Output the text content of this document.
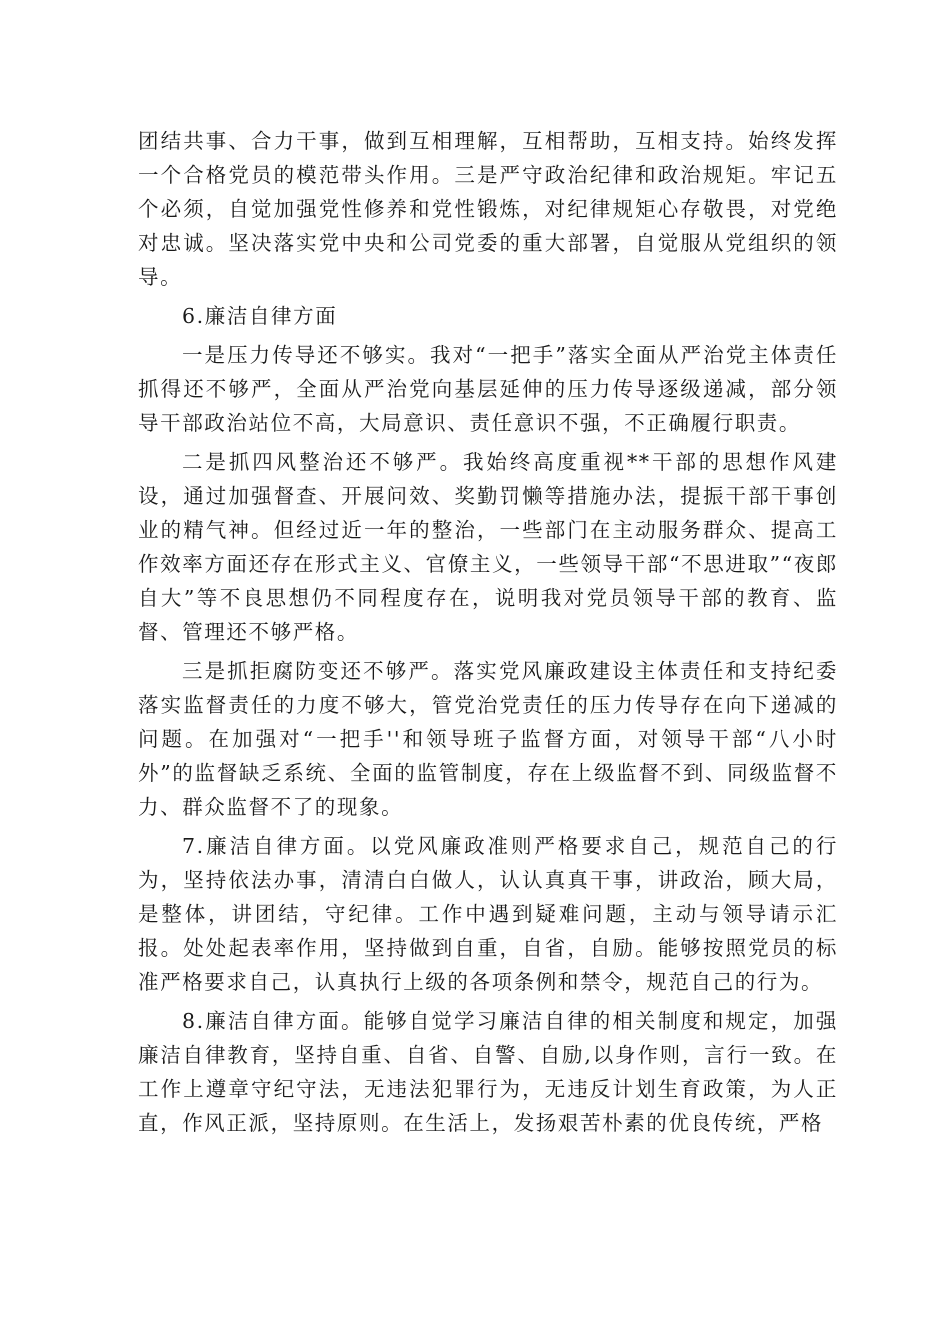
团结共事、合力干事，做到互相理解，互相帮助，互相支持。始终发挥一个合格党员的模范带头作用。三是严守政治纪律和政治规矩。牢记五个必须，自觉加强党性修养和党性锻炼，对纪律规矩心存敬畏，对党绝对忠诚。坚决落实党中央和公司党委的重大部署，自觉服从党组织的领导。

6.廉洁自律方面

一是压力传导还不够实。我对“一把手”落实全面从严治党主体责任抓得还不够严，全面从严治党向基层延伸的压力传导逐级递减，部分领导干部政治站位不高，大局意识、责任意识不强，不正确履行职责。

二是抓四风整治还不够严。我始终高度重视**干部的思想作风建设，通过加强督查、开展问效、奖勤罚懒等措施办法，提振干部干事创业的精气神。但经过近一年的整治，一些部门在主动服务群众、提高工作效率方面还存在形式主义、官僚主义，一些领导干部“不思进取”“夜郎自大”等不良思想仍不同程度存在，说明我对党员领导干部的教育、监督、管理还不够严格。

三是抓拒腐防变还不够严。落实党风廉政建设主体责任和支持纪委落实监督责任的力度不够大，管党治党责任的压力传导存在向下递减的问题。在加强对“一把手''和领导班子监督方面，对领导干部“八小时外”的监督缺乏系统、全面的监管制度，存在上级监督不到、同级监督不力、群众监督不了的现象。

7.廉洁自律方面。以党风廉政准则严格要求自己，规范自己的行为，坚持依法办事，清清白白做人，认认真真干事，讲政治，顾大局，是整体，讲团结，守纪律。工作中遇到疑难问题，主动与领导请示汇报。处处起表率作用，坚持做到自重，自省，自励。能够按照党员的标准严格要求自己，认真执行上级的各项条例和禁令，规范自己的行为。

8.廉洁自律方面。能够自觉学习廉洁自律的相关制度和规定，加强廉洁自律教育，坚持自重、自省、自警、自励,以身作则，言行一致。在工作上遵章守纪守法，无违法犯罪行为，无违反计划生育政策，为人正直，作风正派，坚持原则。在生活上，发扬艰苦朴素的优良传统，严格
